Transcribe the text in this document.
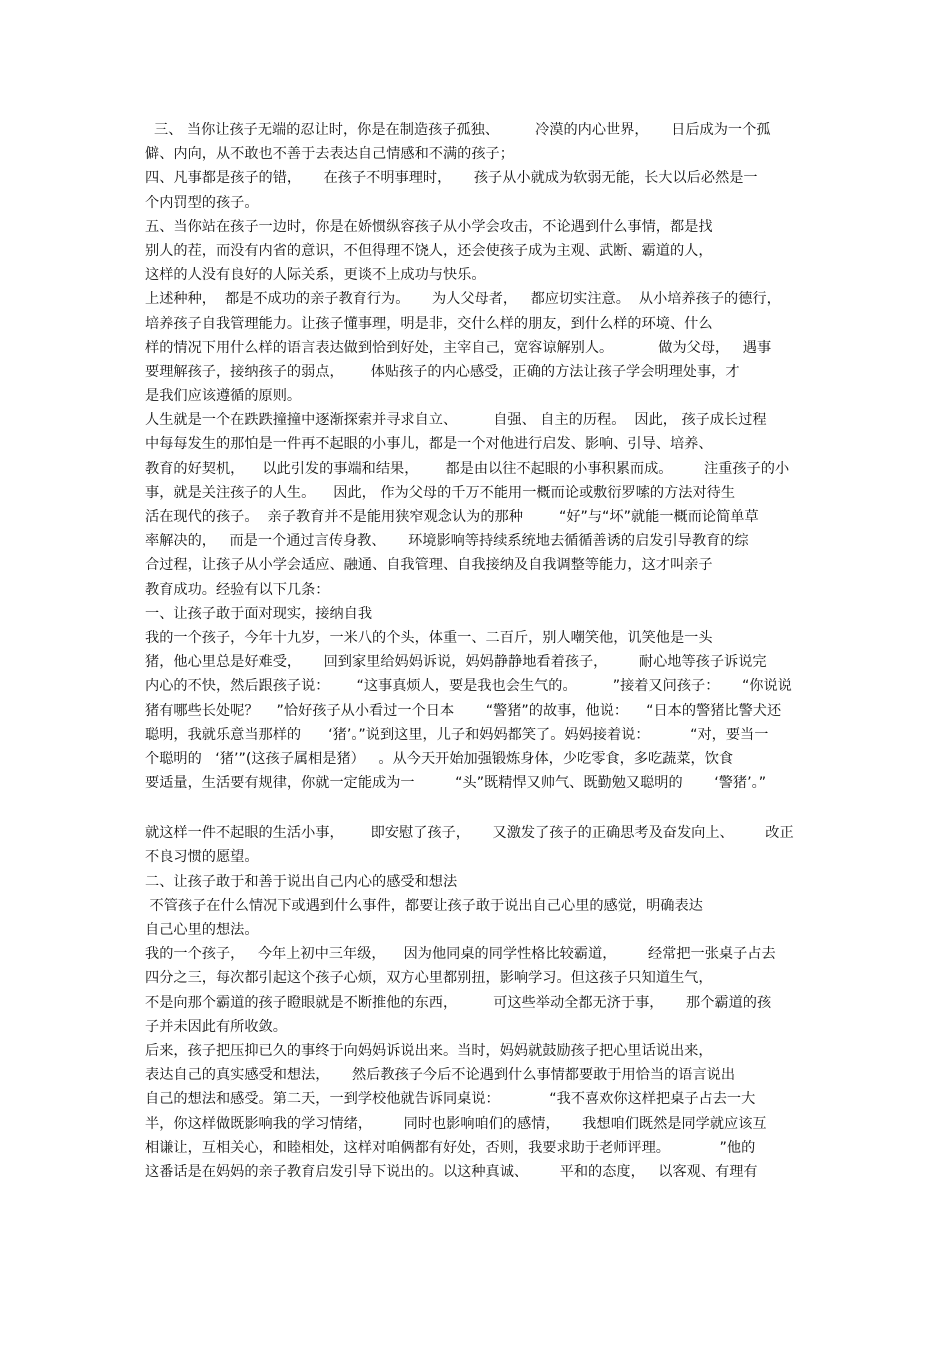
三、 当你让孩子无端的忍让时，你是在制造孩子孤独、        冷漠的内心世界，     日后成为一个孤
僻、内向，从不敢也不善于去表达自己情感和不满的孩子；
四、凡事都是孩子的错，     在孩子不明事理时，     孩子从小就成为软弱无能，长大以后必然是一
个内罚型的孩子。
五、当你站在孩子一边时，你是在娇惯纵容孩子从小学会攻击，不论遇到什么事情，都是找
别人的茬，而没有内省的意识，不但得理不饶人，还会使孩子成为主观、武断、霸道的人，
这样的人没有良好的人际关系，更谈不上成功与快乐。
上述种种，  都是不成功的亲子教育行为。     为人父母者，   都应切实注意。  从小培养孩子的德行，
培养孩子自我管理能力。让孩子懂事理，明是非，交什么样的朋友，到什么样的环境、什么
样的情况下用什么样的语言表达做到恰到好处，主宰自己，宽容谅解别人。          做为父母，   遇事
要理解孩子，接纳孩子的弱点，      体贴孩子的内心感受，正确的方法让孩子学会明理处事，才
是我们应该遵循的原则。
人生就是一个在跌跌撞撞中逐渐探索并寻求自立、        自强、 自主的历程。  因此， 孩子成长过程
中每每发生的那怕是一件再不起眼的小事儿，都是一个对他进行启发、影响、引导、培养、
教育的好契机，    以此引发的事端和结果，      都是由以往不起眼的小事积累而成。       注重孩子的小
事，就是关注孩子的人生。    因此， 作为父母的千万不能用一概而论或敷衍罗嗦的方法对待生
活在现代的孩子。  亲子教育并不是能用狭窄观念认为的那种        “好”与“坏”就能一概而论简单草
率解决的，   而是一个通过言传身教、     环境影响等持续系统地去循循善诱的启发引导教育的综
合过程，让孩子从小学会适应、融通、自我管理、自我接纳及自我调整等能力，这才叫亲子
教育成功。经验有以下几条：
一、让孩子敢于面对现实，接纳自我
我的一个孩子，今年十九岁，一米八的个头，体重一、二百斤，别人嘲笑他，讥笑他是一头
猪，他心里总是好难受，     回到家里给妈妈诉说，妈妈静静地看着孩子，       耐心地等孩子诉说完
内心的不快，然后跟孩子说：      “这事真烦人，要是我也会生气的。        ”接着又问孩子：     “你说说
猪有哪些长处呢？    ”恰好孩子从小看过一个日本       “警猪”的故事，他说：    “日本的警猪比警犬还
聪明，我就乐意当那样的      ‘猪’。”说到这里，儿子和妈妈都笑了。妈妈接着说：         “对，要当一
个聪明的   ‘猪’”(这孩子属相是猪）   。从今天开始加强锻炼身体，少吃零食，多吃蔬菜，饮食
要适量，生活要有规律，你就一定能成为一         “头”既精悍又帅气、既勤勉又聪明的       ‘警猪’。”
就这样一件不起眼的生活小事，      即安慰了孩子，     又激发了孩子的正确思考及奋发向上、       改正
不良习惯的愿望。
二、让孩子敢于和善于说出自己内心的感受和想法
不管孩子在什么情况下或遇到什么事件，都要让孩子敢于说出自己心里的感觉，明确表达
自己心里的想法。
我的一个孩子，   今年上初中三年级，    因为他同桌的同学性格比较霸道，       经常把一张桌子占去
四分之三，每次都引起这个孩子心烦，双方心里都别扭，影响学习。但这孩子只知道生气，
不是向那个霸道的孩子瞪眼就是不断推他的东西，        可这些举动全都无济于事，     那个霸道的孩
子并未因此有所收敛。
后来，孩子把压抑已久的事终于向妈妈诉说出来。当时，妈妈就鼓励孩子把心里话说出来，
表达自己的真实感受和想法，     然后教孩子今后不论遇到什么事情都要敢于用恰当的语言说出
自己的想法和感受。第二天，一到学校他就告诉同桌说：           “我不喜欢你这样把桌子占去一大
半，你这样做既影响我的学习情绪，       同时也影响咱们的感情，     我想咱们既然是同学就应该互
相谦让，互相关心，和睦相处，这样对咱俩都有好处，否则，我要求助于老师评理。           ”他的
这番话是在妈妈的亲子教育启发引导下说出的。以这种真诚、       平和的态度，   以客观、有理有
